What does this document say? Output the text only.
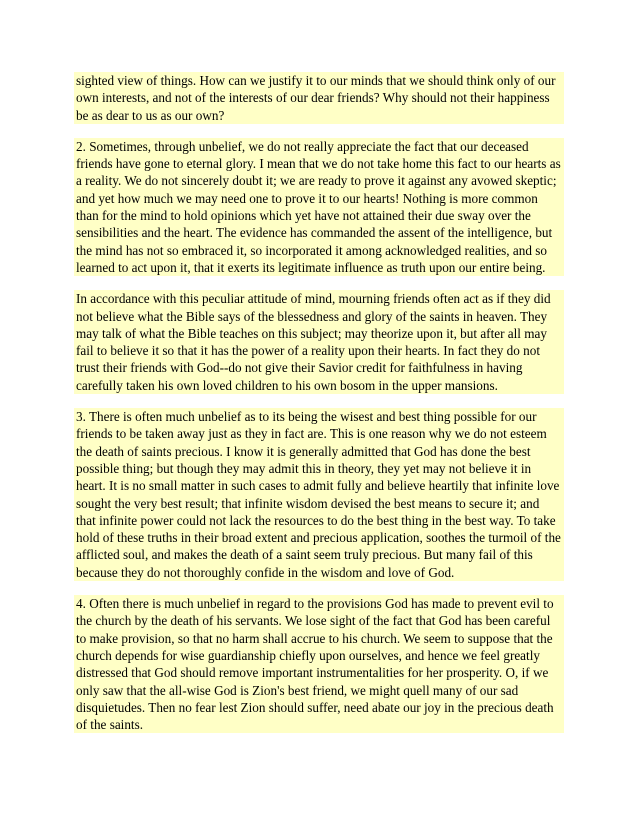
sighted view of things. How can we justify it to our minds that we should think only of our own interests, and not of the interests of our dear friends? Why should not their happiness be as dear to us as our own?

2. Sometimes, through unbelief, we do not really appreciate the fact that our deceased friends have gone to eternal glory. I mean that we do not take home this fact to our hearts as a reality. We do not sincerely doubt it; we are ready to prove it against any avowed skeptic; and yet how much we may need one to prove it to our hearts! Nothing is more common than for the mind to hold opinions which yet have not attained their due sway over the sensibilities and the heart. The evidence has commanded the assent of the intelligence, but the mind has not so embraced it, so incorporated it among acknowledged realities, and so learned to act upon it, that it exerts its legitimate influence as truth upon our entire being.

In accordance with this peculiar attitude of mind, mourning friends often act as if they did not believe what the Bible says of the blessedness and glory of the saints in heaven. They may talk of what the Bible teaches on this subject; may theorize upon it, but after all may fail to believe it so that it has the power of a reality upon their hearts. In fact they do not trust their friends with God--do not give their Savior credit for faithfulness in having carefully taken his own loved children to his own bosom in the upper mansions.

3. There is often much unbelief as to its being the wisest and best thing possible for our friends to be taken away just as they in fact are. This is one reason why we do not esteem the death of saints precious. I know it is generally admitted that God has done the best possible thing; but though they may admit this in theory, they yet may not believe it in heart. It is no small matter in such cases to admit fully and believe heartily that infinite love sought the very best result; that infinite wisdom devised the best means to secure it; and that infinite power could not lack the resources to do the best thing in the best way. To take hold of these truths in their broad extent and precious application, soothes the turmoil of the afflicted soul, and makes the death of a saint seem truly precious. But many fail of this because they do not thoroughly confide in the wisdom and love of God.

4. Often there is much unbelief in regard to the provisions God has made to prevent evil to the church by the death of his servants. We lose sight of the fact that God has been careful to make provision, so that no harm shall accrue to his church. We seem to suppose that the church depends for wise guardianship chiefly upon ourselves, and hence we feel greatly distressed that God should remove important instrumentalities for her prosperity. O, if we only saw that the all-wise God is Zion's best friend, we might quell many of our sad disquietudes. Then no fear lest Zion should suffer, need abate our joy in the precious death of the saints.
